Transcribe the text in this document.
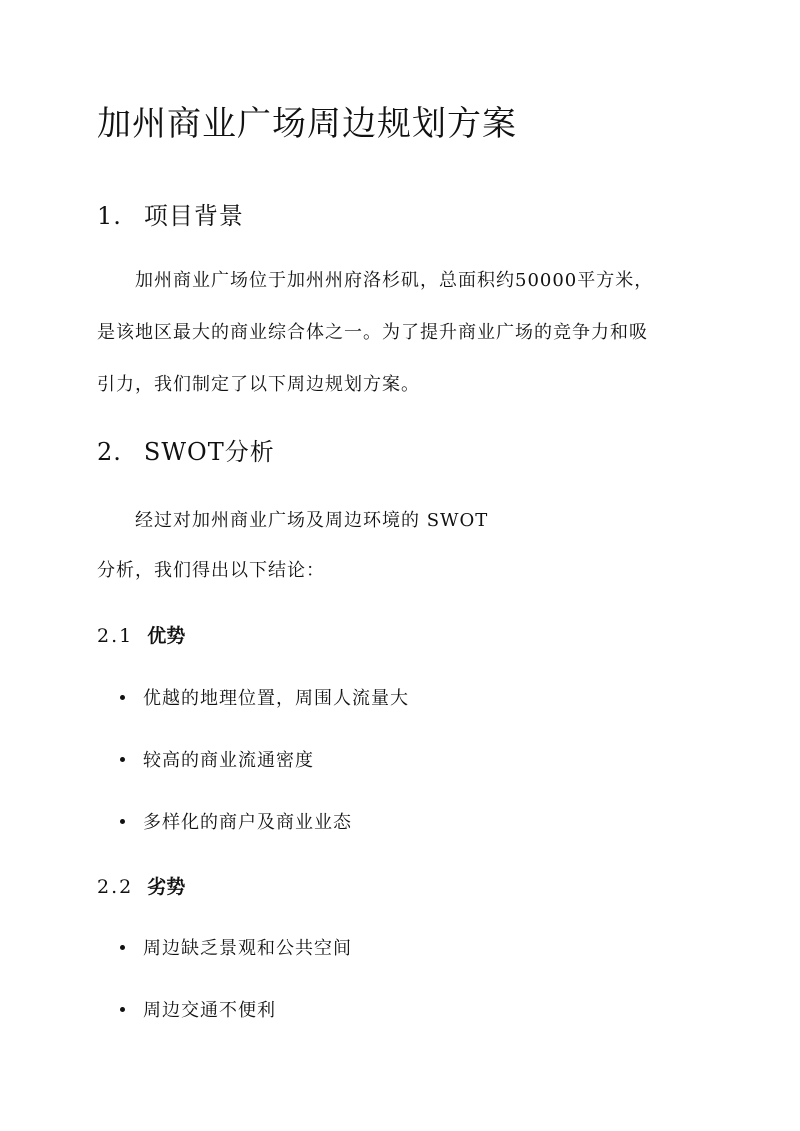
加州商业广场周边规划方案
1. 项目背景

　　加州商业广场位于加州州府洛杉矶，总面积约50000平方米，

是该地区最大的商业综合体之一。为了提升商业广场的竞争力和吸

引力，我们制定了以下周边规划方案。

2. SWOT分析

　　经过对加州商业广场及周边环境的 SWOT

分析，我们得出以下结论：

2.1 优势

优越的地理位置，周围人流量大

较高的商业流通密度

多样化的商户及商业业态

2.2 劣势

周边缺乏景观和公共空间

周边交通不便利
